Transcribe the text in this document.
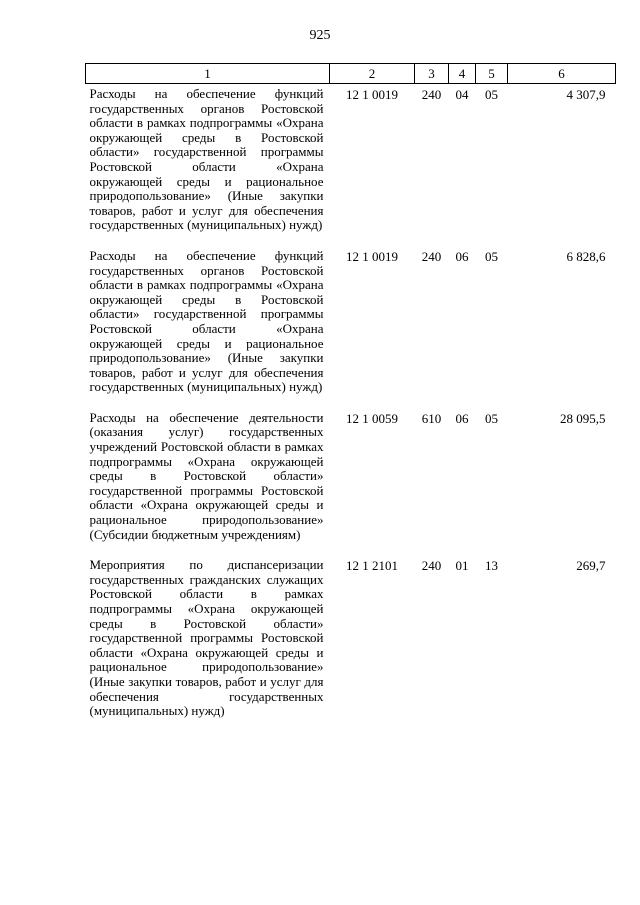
925
1	2	3	4	5	6
Расходы на обеспечение функций государственных органов Ростовской области в рамках подпрограммы «Охрана окружающей среды в Ростовской области» государственной программы Ростовской области «Охрана окружающей среды и рациональное природопользование» (Иные закупки товаров, работ и услуг для обеспечения государственных (муниципальных) нужд)	12 1 0019	240	04	05	4 307,9
Расходы на обеспечение функций государственных органов Ростовской области в рамках подпрограммы «Охрана окружающей среды в Ростовской области» государственной программы Ростовской области «Охрана окружающей среды и рациональное природопользование» (Иные закупки товаров, работ и услуг для обеспечения государственных (муниципальных) нужд)	12 1 0019	240	06	05	6 828,6
Расходы на обеспечение деятельности (оказания услуг) государственных учреждений Ростовской области в рамках подпрограммы «Охрана окружающей среды в Ростовской области» государственной программы Ростовской области «Охрана окружающей среды и рациональное природопользование» (Субсидии бюджетным учреждениям)	12 1 0059	610	06	05	28 095,5
Мероприятия по диспансеризации государственных гражданских служащих Ростовской области в рамках подпрограммы «Охрана окружающей среды в Ростовской области» государственной программы Ростовской области «Охрана окружающей среды и рациональное природопользование» (Иные закупки товаров, работ и услуг для обеспечения государственных (муниципальных) нужд)	12 1 2101	240	01	13	269,7
